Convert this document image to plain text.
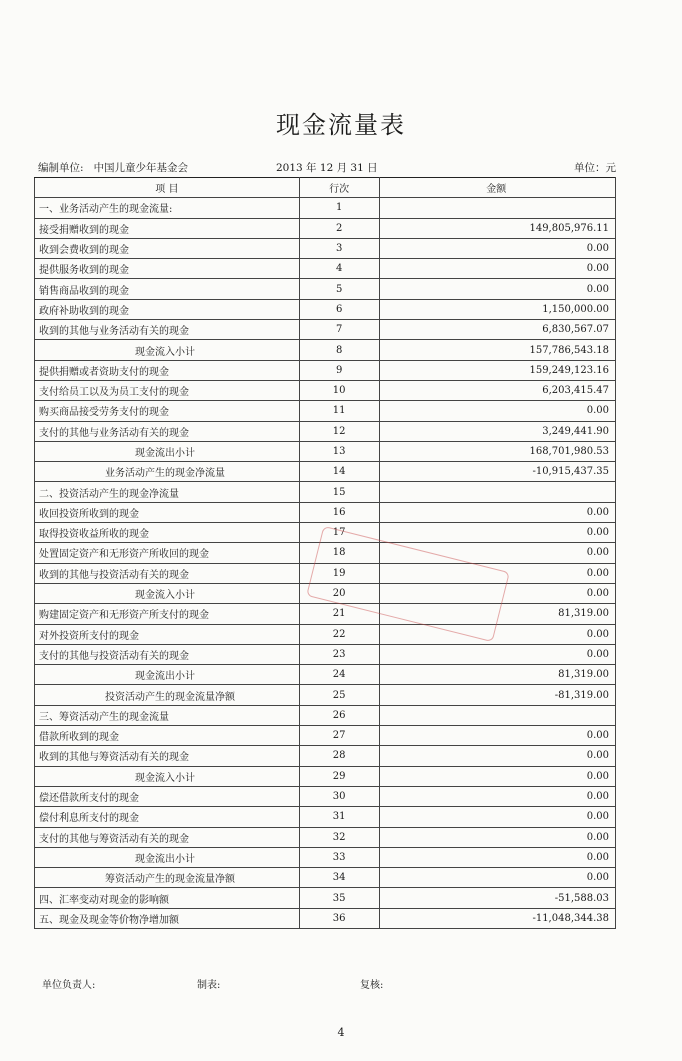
现金流量表
编制单位: 中国儿童少年基金会	2013 年 12 月 31 日	单位：元
项 目	行次	金额
一、业务活动产生的现金流量:	1	
接受捐赠收到的现金	2	149,805,976.11
收到会费收到的现金	3	0.00
提供服务收到的现金	4	0.00
销售商品收到的现金	5	0.00
政府补助收到的现金	6	1,150,000.00
收到的其他与业务活动有关的现金	7	6,830,567.07
现金流入小计	8	157,786,543.18
提供捐赠或者资助支付的现金	9	159,249,123.16
支付给员工以及为员工支付的现金	10	6,203,415.47
购买商品接受劳务支付的现金	11	0.00
支付的其他与业务活动有关的现金	12	3,249,441.90
现金流出小计	13	168,701,980.53
业务活动产生的现金净流量	14	-10,915,437.35
二、投资活动产生的现金净流量	15	
收回投资所收到的现金	16	0.00
取得投资收益所收的现金	17	0.00
处置固定资产和无形资产所收回的现金	18	0.00
收到的其他与投资活动有关的现金	19	0.00
现金流入小计	20	0.00
购建固定资产和无形资产所支付的现金	21	81,319.00
对外投资所支付的现金	22	0.00
支付的其他与投资活动有关的现金	23	0.00
现金流出小计	24	81,319.00
投资活动产生的现金流量净额	25	-81,319.00
三、筹资活动产生的现金流量	26	
借款所收到的现金	27	0.00
收到的其他与筹资活动有关的现金	28	0.00
现金流入小计	29	0.00
偿还借款所支付的现金	30	0.00
偿付利息所支付的现金	31	0.00
支付的其他与筹资活动有关的现金	32	0.00
现金流出小计	33	0.00
筹资活动产生的现金流量净额	34	0.00
四、汇率变动对现金的影响额	35	-51,588.03
五、现金及现金等价物净增加额	36	-11,048,344.38
单位负责人:	制表:	复核:
4
